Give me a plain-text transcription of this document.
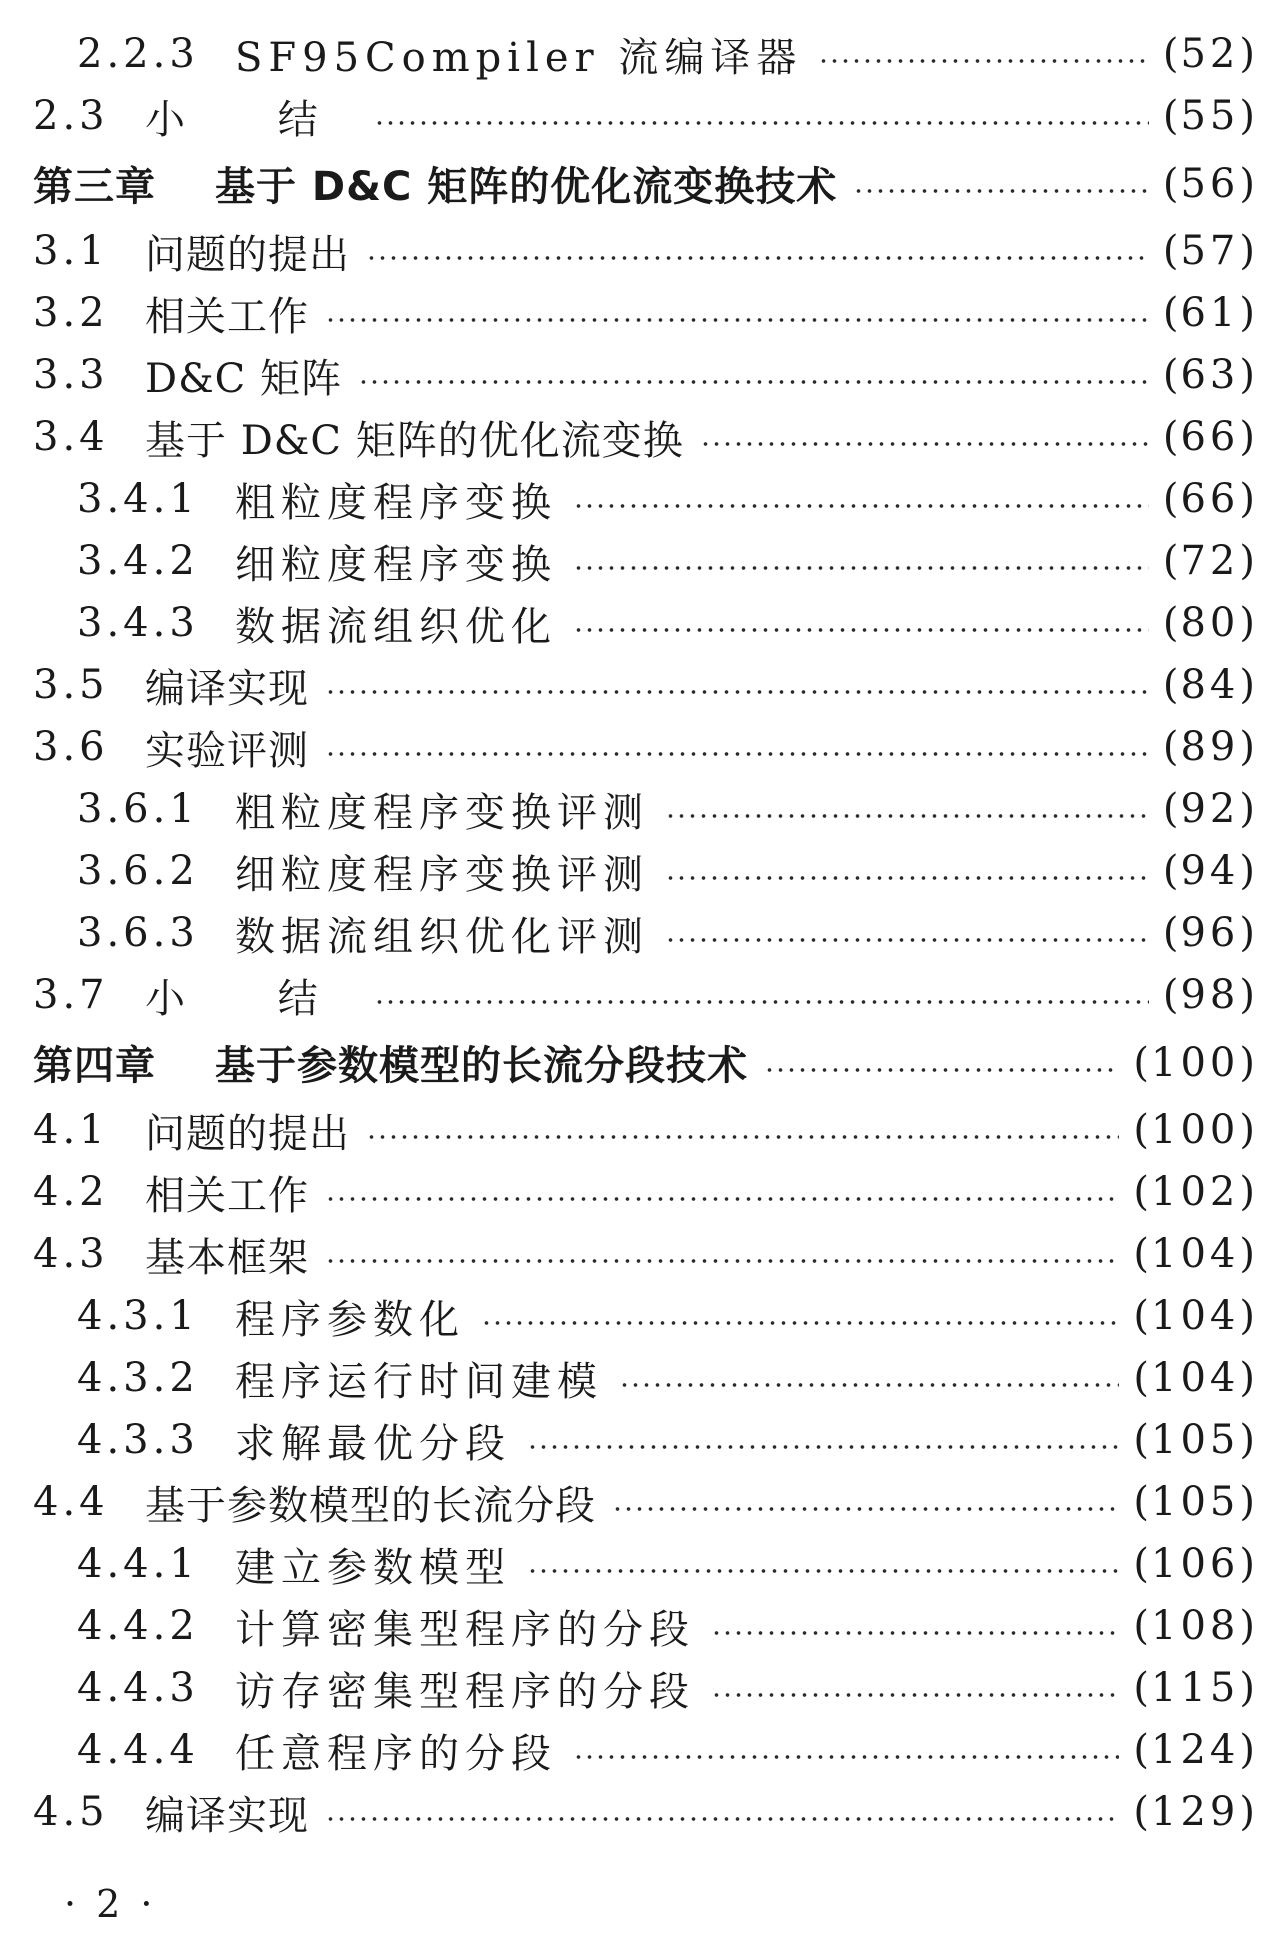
2.2.3 SF95Compiler 流编译器	(52)
2.3 小 结	(55)
第三章	基于 D&C 矩阵的优化流变换技术	(56)
3.1 问题的提出	(57)
3.2 相关工作	(61)
3.3 D&C 矩阵	(63)
3.4 基于 D&C 矩阵的优化流变换	(66)
3.4.1 粗粒度程序变换	(66)
3.4.2 细粒度程序变换	(72)
3.4.3 数据流组织优化	(80)
3.5 编译实现	(84)
3.6 实验评测	(89)
3.6.1 粗粒度程序变换评测	(92)
3.6.2 细粒度程序变换评测	(94)
3.6.3 数据流组织优化评测	(96)
3.7 小 结	(98)
第四章	基于参数模型的长流分段技术	(100)
4.1 问题的提出	(100)
4.2 相关工作	(102)
4.3 基本框架	(104)
4.3.1 程序参数化	(104)
4.3.2 程序运行时间建模	(104)
4.3.3 求解最优分段	(105)
4.4 基于参数模型的长流分段	(105)
4.4.1 建立参数模型	(106)
4.4.2 计算密集型程序的分段	(108)
4.4.3 访存密集型程序的分段	(115)
4.4.4 任意程序的分段	(124)
4.5 编译实现	(129)
· 2 ·
